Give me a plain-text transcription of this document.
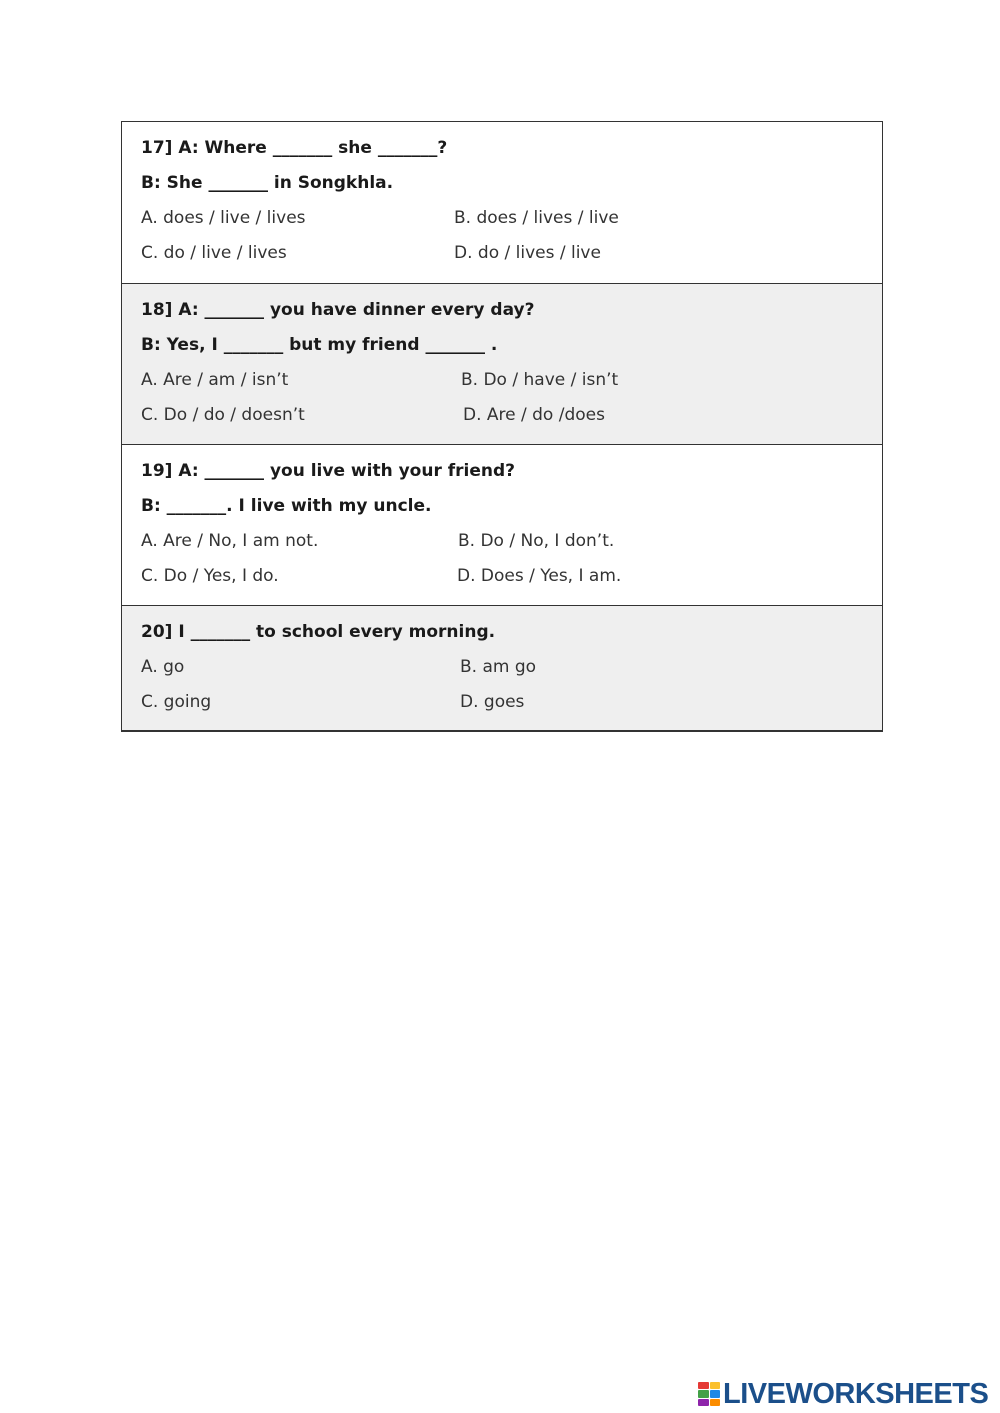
17] A: Where _______ she _______?
B: She _______ in Songkhla.
A. does / live / lives	B. does / lives / live
C. do / live / lives	D. do / lives / live
18] A: _______ you have dinner every day?
B: Yes, I _______ but my friend _______ .
A. Are / am / isn’t	B. Do / have / isn’t
C. Do / do / doesn’t	D. Are / do /does
19] A: _______ you live with your friend?
B: _______. I live with my uncle.
A. Are / No, I am not.	B. Do / No, I don’t.
C. Do / Yes, I do.	D. Does / Yes, I am.
20] I _______ to school every morning.
A. go	B. am go
C. going	D. goes
LIVEWORKSHEETS
